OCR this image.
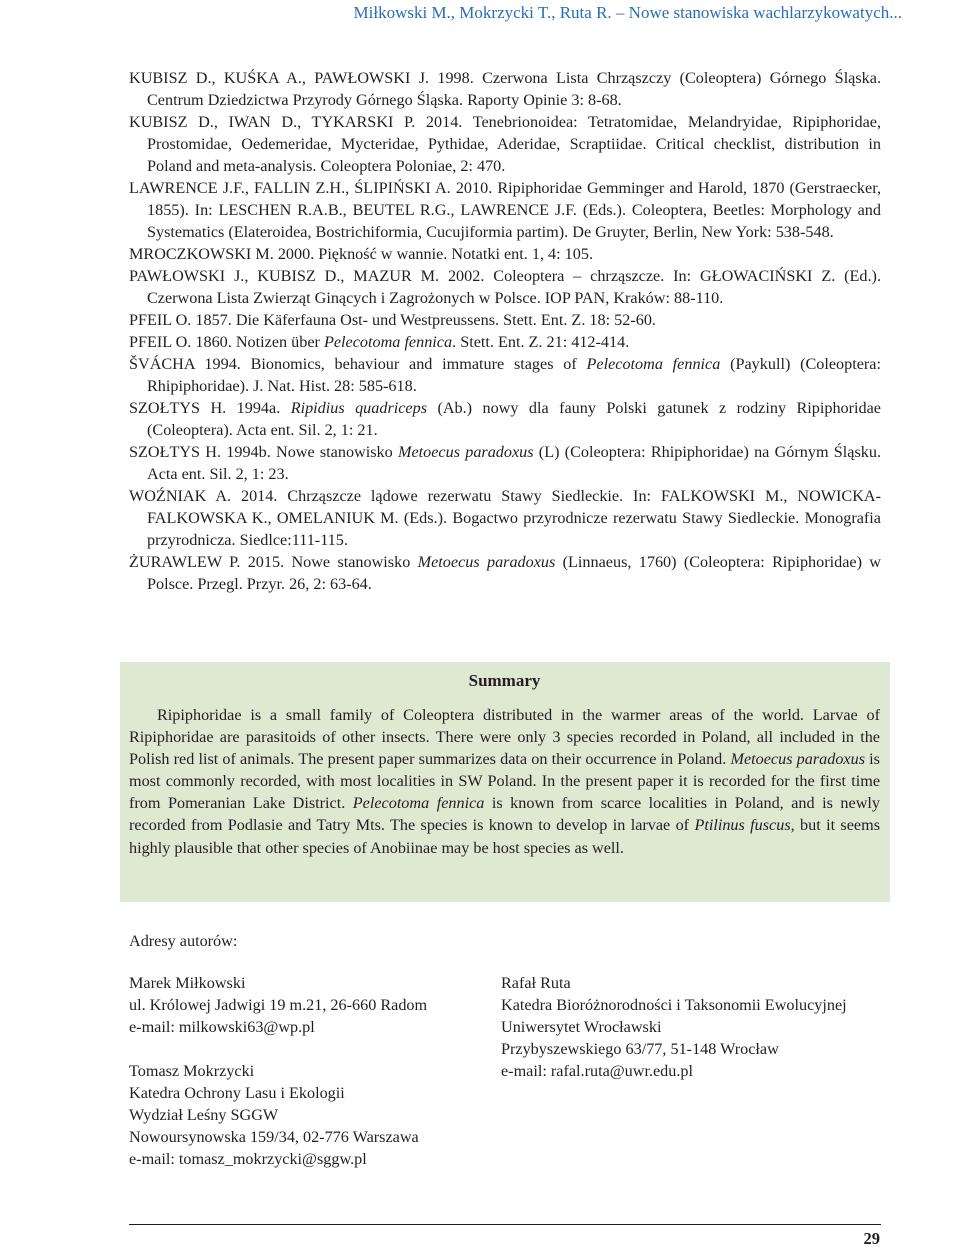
Miłkowski M., Mokrzycki T., Ruta R. – Nowe stanowiska wachlarzykowatych...
KUBISZ D., KUŚKA A., PAWŁOWSKI J. 1998. Czerwona Lista Chrząszczy (Coleoptera) Górnego Śląska. Centrum Dziedzictwa Przyrody Górnego Śląska. Raporty Opinie 3: 8-68.
KUBISZ D., IWAN D., TYKARSKI P. 2014. Tenebrionoidea: Tetratomidae, Melandryidae, Ripiphoridae, Prostomidae, Oedemeridae, Mycteridae, Pythidae, Aderidae, Scraptiidae. Critical checklist, distribution in Poland and meta-analysis. Coleoptera Poloniae, 2: 470.
LAWRENCE J.F., FALLIN Z.H., ŚLIPIŃSKI A. 2010. Ripiphoridae Gemminger and Harold, 1870 (Gerstraecker, 1855). In: LESCHEN R.A.B., BEUTEL R.G., LAWRENCE J.F. (Eds.). Coleoptera, Beetles: Morphology and Systematics (Elateroidea, Bostrichiformia, Cucujiformia partim). De Gruyter, Berlin, New York: 538-548.
MROCZKOWSKI M. 2000. Piękność w wannie. Notatki ent. 1, 4: 105.
PAWŁOWSKI J., KUBISZ D., MAZUR M. 2002. Coleoptera – chrząszcze. In: GŁOWACIŃSKI Z. (Ed.). Czerwona Lista Zwierząt Ginących i Zagrożonych w Polsce. IOP PAN, Kraków: 88-110.
PFEIL O. 1857. Die Käferfauna Ost- und Westpreussens. Stett. Ent. Z. 18: 52-60.
PFEIL O. 1860. Notizen über Pelecotoma fennica. Stett. Ent. Z. 21: 412-414.
ŠVÁCHA 1994. Bionomics, behaviour and immature stages of Pelecotoma fennica (Paykull) (Coleoptera: Rhipiphoridae). J. Nat. Hist. 28: 585-618.
SZOŁTYS H. 1994a. Ripidius quadriceps (Ab.) nowy dla fauny Polski gatunek z rodziny Ripiphoridae (Coleoptera). Acta ent. Sil. 2, 1: 21.
SZOŁTYS H. 1994b. Nowe stanowisko Metoecus paradoxus (L) (Coleoptera: Rhipiphoridae) na Górnym Śląsku. Acta ent. Sil. 2, 1: 23.
WOŹNIAK A. 2014. Chrząszcze lądowe rezerwatu Stawy Siedleckie. In: FALKOWSKI M., NOWICKA-FALKOWSKA K., OMELANIUK M. (Eds.). Bogactwo przyrodnicze rezerwatu Stawy Siedleckie. Monografia przyrodnicza. Siedlce:111-115.
ŻURAWLEW P. 2015. Nowe stanowisko Metoecus paradoxus (Linnaeus, 1760) (Coleoptera: Ripiphoridae) w Polsce. Przegl. Przyr. 26, 2: 63-64.
Summary

Ripiphoridae is a small family of Coleoptera distributed in the warmer areas of the world. Larvae of Ripiphoridae are parasitoids of other insects. There were only 3 species recorded in Poland, all included in the Polish red list of animals. The present paper summarizes data on their occurrence in Poland. Metoecus paradoxus is most commonly recorded, with most localities in SW Poland. In the present paper it is recorded for the first time from Pomeranian Lake District. Pelecotoma fennica is known from scarce localities in Poland, and is newly recorded from Podlasie and Tatry Mts. The species is known to develop in larvae of Ptilinus fuscus, but it seems highly plausible that other species of Anobiinae may be host species as well.

Adresy autorów:
Marek Miłkowski
ul. Królowej Jadwigi 19 m.21, 26-660 Radom
e-mail: milkowski63@wp.pl
Tomasz Mokrzycki
Katedra Ochrony Lasu i Ekologii
Wydział Leśny SGGW
Nowoursynowska 159/34, 02-776 Warszawa
e-mail: tomasz_mokrzycki@sggw.pl
Rafał Ruta
Katedra Bioróżnorodności i Taksonomii Ewolucyjnej
Uniwersytet Wrocławski
Przybyszewskiego 63/77, 51-148 Wrocław
e-mail: rafal.ruta@uwr.edu.pl
29
